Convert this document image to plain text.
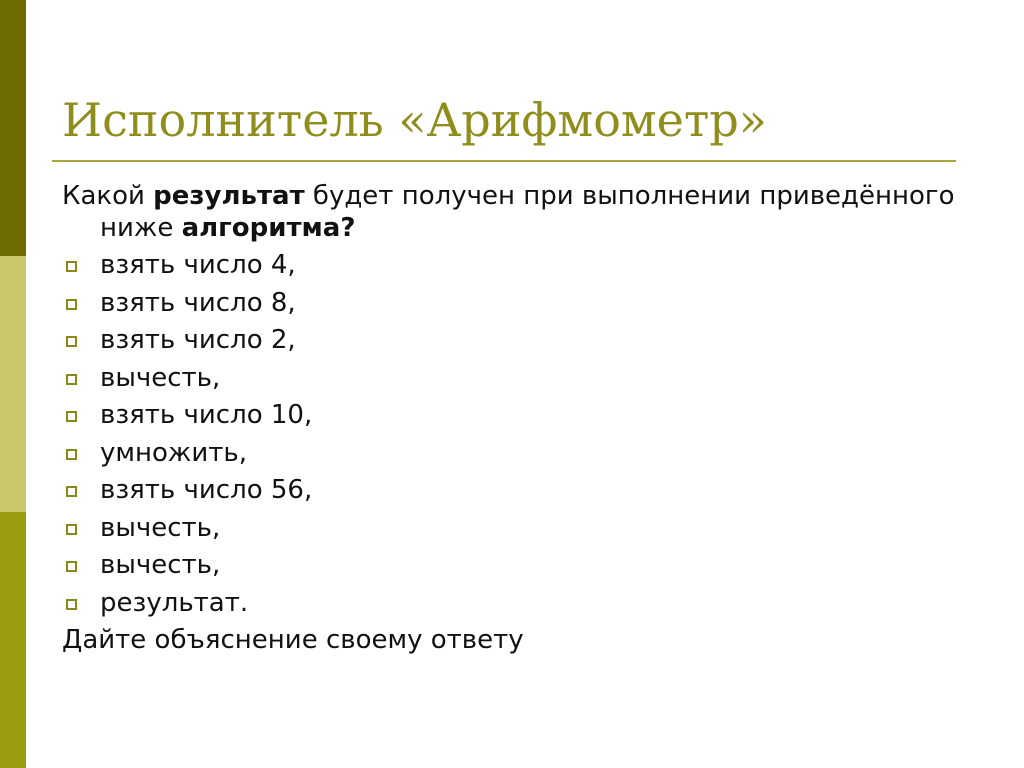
Исполнитель «Арифмометр»

Какой результат будет получен при выполнении приведённого ниже алгоритма?

взять число 4,
взять число 8,
взять число 2,
вычесть,
взять число 10,
умножить,
взять число 56,
вычесть,
вычесть,
результат.

Дайте объяснение своему ответу
